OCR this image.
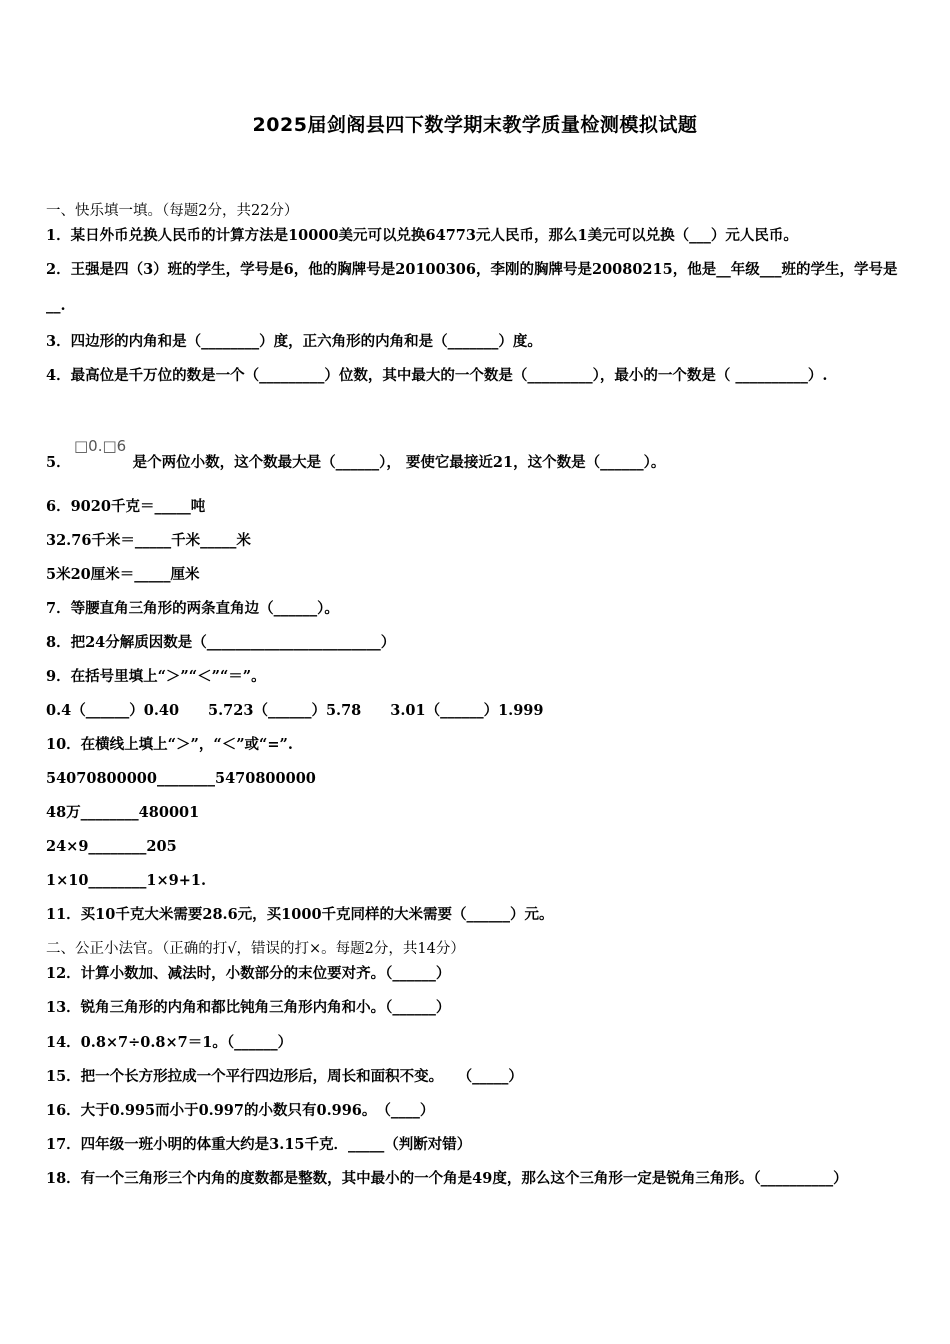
2025届剑阁县四下数学期末教学质量检测模拟试题
一、快乐填一填。（每题2分，共22分）
1．某日外币兑换人民币的计算方法是10000美元可以兑换64773元人民币，那么1美元可以兑换（___）元人民币。
2．王强是四（3）班的学生，学号是6，他的胸牌号是20100306，李刚的胸牌号是20080215，他是__年级___班的学生，学号是__.
3．四边形的内角和是（________）度，正六角形的内角和是（_______）度。
4．最高位是千万位的数是一个（_________）位数，其中最大的一个数是（_________），最小的一个数是（ __________）.
□0.□6
5．	是个两位小数，这个数最大是（______）， 要使它最接近21，这个数是（______）。
6．9020千克＝_____吨
32.76千米＝_____千米_____米
5米20厘米＝_____厘米
7．等腰直角三角形的两条直角边（______）。
8．把24分解质因数是（________________________）
9．在括号里填上“＞”“＜”“＝”。
0.4（______）0.40　　5.723（______）5.78　　3.01（______）1.999
10．在横线上填上“＞”，“＜”或“=”.
54070800000________5470800000
48万________480001
24×9________205
1×10________1×9+1.
11．买10千克大米需要28.6元，买1000千克同样的大米需要（______）元。
二、公正小法官。（正确的打√，错误的打×。每题2分，共14分）
12．计算小数加、减法时，小数部分的末位要对齐。（______）
13．锐角三角形的内角和都比钝角三角形内角和小。（______）
14．0.8×7÷0.8×7＝1。（______）
15．把一个长方形拉成一个平行四边形后，周长和面积不变。　　（_____）
16．大于0.995而小于0.997的小数只有0.996。　（____）
17．四年级一班小明的体重大约是3.15千克．_____（判断对错）
18．有一个三角形三个内角的度数都是整数，其中最小的一个角是49度，那么这个三角形一定是锐角三角形。（__________）
